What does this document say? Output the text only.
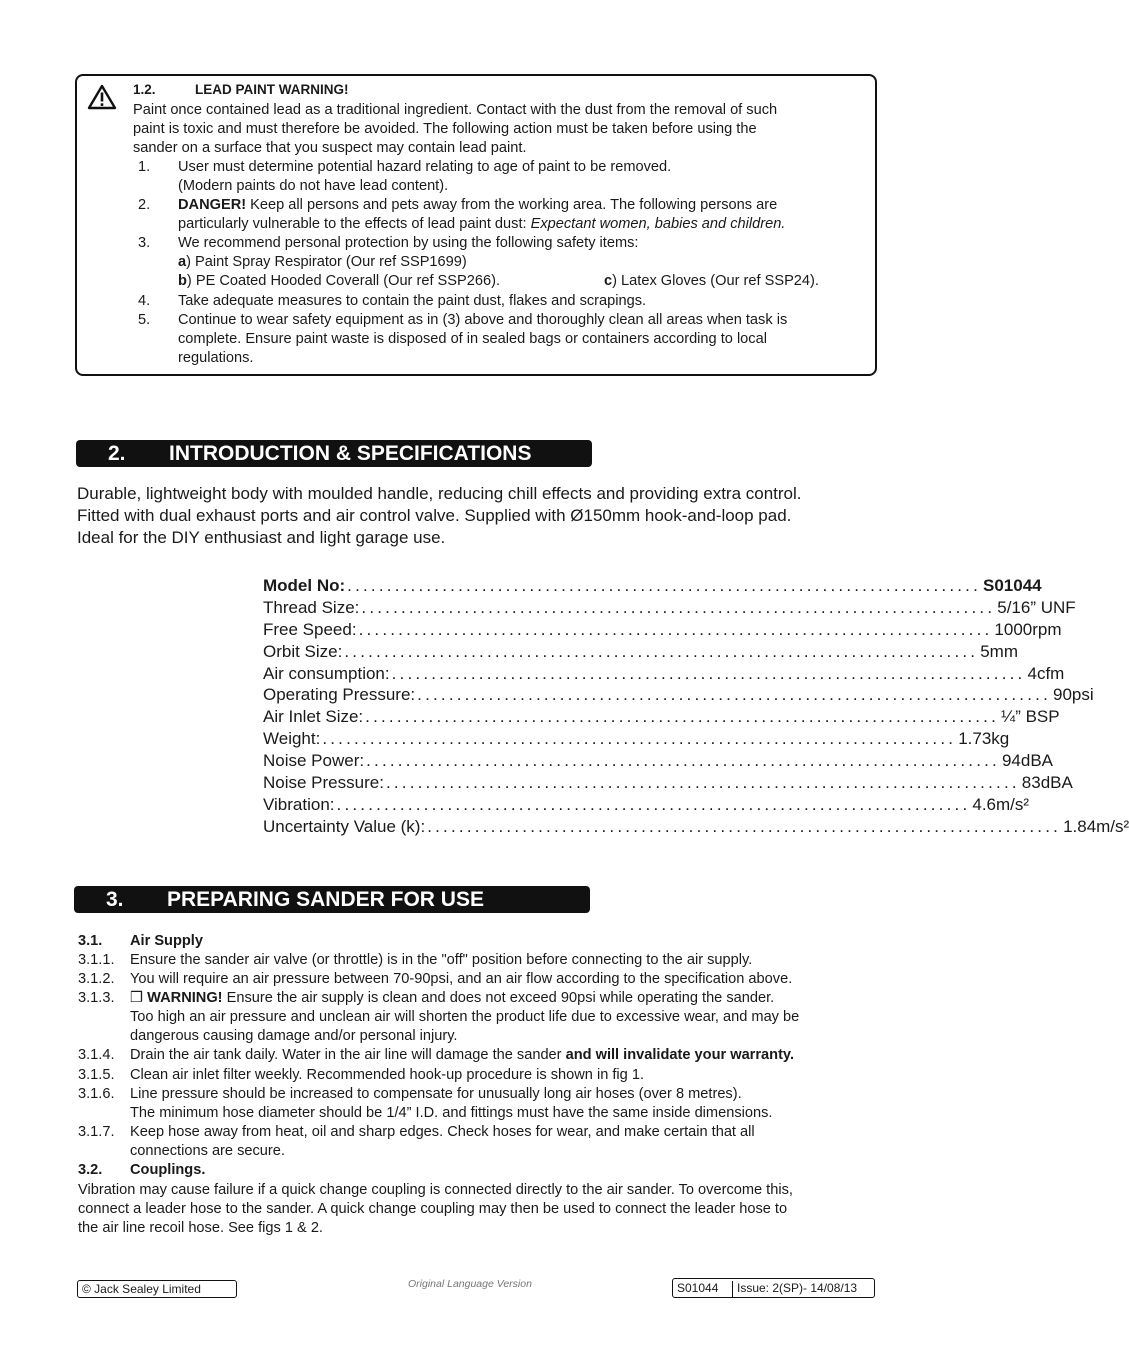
1.2.	LEAD PAINT WARNING!
Paint once contained lead as a traditional ingredient. Contact with the dust from the removal of such
paint is toxic and must therefore be avoided. The following action must be taken before using the
sander on a surface that you suspect may contain lead paint.
1. User must determine potential hazard relating to age of paint to be removed.
(Modern paints do not have lead content).
2. DANGER! Keep all persons and pets away from the working area. The following persons are
particularly vulnerable to the effects of lead paint dust: Expectant women, babies and children.
3. We recommend personal protection by using the following safety items:
a) Paint Spray Respirator (Our ref SSP1699)
b) PE Coated Hooded Coverall (Our ref SSP266).	c) Latex Gloves (Our ref SSP24).
4. Take adequate measures to contain the paint dust, flakes and scrapings.
5. Continue to wear safety equipment as in (3) above and thoroughly clean all areas when task is
complete. Ensure paint waste is disposed of in sealed bags or containers according to local
regulations.
2. INTRODUCTION & SPECIFICATIONS
Durable, lightweight body with moulded handle, reducing chill effects and providing extra control.
Fitted with dual exhaust ports and air control valve. Supplied with Ø150mm hook-and-loop pad.
Ideal for the DIY enthusiast and light garage use.
Model No: ................................................................................ S01044
Thread Size: ................................................................................ 5/16” UNF
Free Speed: ................................................................................ 1000rpm
Orbit Size: ................................................................................ 5mm
Air consumption: ................................................................................ 4cfm
Operating Pressure: ................................................................................ 90psi
Air Inlet Size: ................................................................................ ¼” BSP
Weight: ................................................................................ 1.73kg
Noise Power: ................................................................................ 94dBA
Noise Pressure: ................................................................................ 83dBA
Vibration: ................................................................................ 4.6m/s²
Uncertainty Value (k): ................................................................................ 1.84m/s²
3. PREPARING SANDER FOR USE
3.1. Air Supply
3.1.1. Ensure the sander air valve (or throttle) is in the "off" position before connecting to the air supply.
3.1.2. You will require an air pressure between 70-90psi, and an air flow according to the specification above.
3.1.3. ❒ WARNING! Ensure the air supply is clean and does not exceed 90psi while operating the sander.
Too high an air pressure and unclean air will shorten the product life due to excessive wear, and may be
dangerous causing damage and/or personal injury.
3.1.4. Drain the air tank daily. Water in the air line will damage the sander and will invalidate your warranty.
3.1.5. Clean air inlet filter weekly. Recommended hook-up procedure is shown in fig 1.
3.1.6. Line pressure should be increased to compensate for unusually long air hoses (over 8 metres).
The minimum hose diameter should be 1/4” I.D. and fittings must have the same inside dimensions.
3.1.7. Keep hose away from heat, oil and sharp edges. Check hoses for wear, and make certain that all
connections are secure.
3.2. Couplings.
Vibration may cause failure if a quick change coupling is connected directly to the air sander. To overcome this,
connect a leader hose to the sander. A quick change coupling may then be used to connect the leader hose to
the air line recoil hose. See figs 1 & 2.
© Jack Sealey Limited	Original Language Version	S01044 Issue: 2(SP)- 14/08/13
